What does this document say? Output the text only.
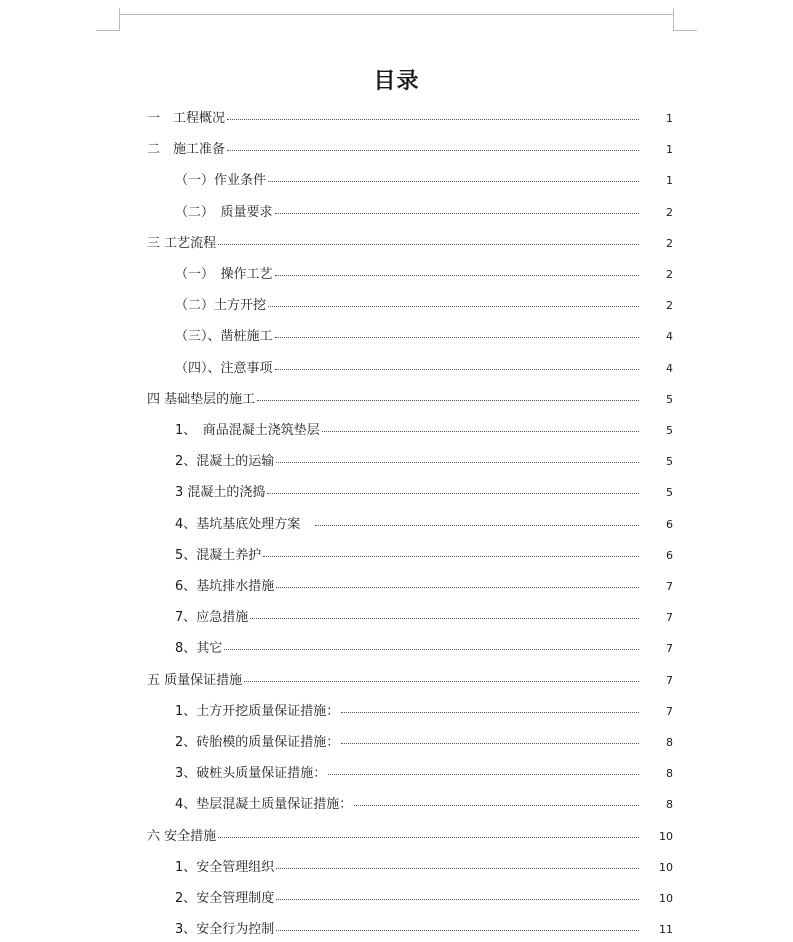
目录
一　工程概况	1
二　施工准备	1
（一）作业条件	1
（二）　质量要求	2
三 工艺流程	2
（一）　操作工艺	2
（二）土方开挖	2
（三）、凿桩施工	4
（四）、注意事项	4
四 基础垫层的施工	5
1、　商品混凝土浇筑垫层	5
2、混凝土的运输	5
3 混凝土的浇捣	5
4、基坑基底处理方案　	6
5、混凝土养护	6
6、基坑排水措施	7
7、应急措施	7
8、其它	7
五 质量保证措施	7
1、土方开挖质量保证措施：	7
2、砖胎模的质量保证措施：	8
3、破桩头质量保证措施：	8
4、垫层混凝土质量保证措施：	8
六 安全措施	10
1、安全管理组织	10
2、安全管理制度	10
3、安全行为控制	11
